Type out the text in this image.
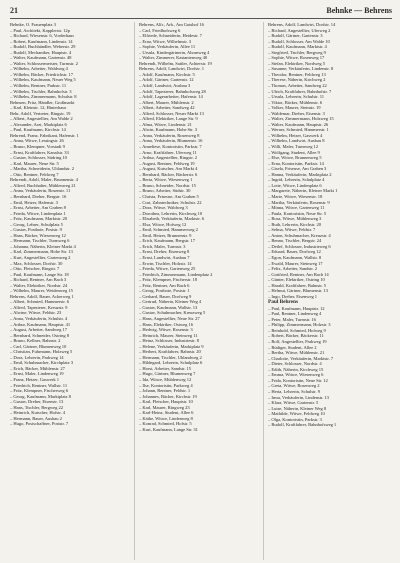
21	Behnke — Behrens
Behnke, O. Frauenplatz 3
– Paul, Architekt, Kapplerstr. 12p
– Richard, Wiesenstr. 6, Vorderhaus
– Robert, Kaufmann, Lindenstr. 14
– Rudolf, Buchhändler, Weberstr. 29
– Rudolf, Mechaniker, Hauptstr. 4
– Walter, Kaufmann, Gartenstr. 48
– Walter, Schlossermeister, Turmstr. 2
– Wilhelm, Arbeiter, Waldweg 4
– Wilhelm, Bäcker, Friedrichstr. 17
– Wilhelm, Kaufmann, Neuer Weg 5
– Wilhelm, Rentner, Parkstr. 11
– Wilhelm, Tischler, Bahnhofstr. 3
– Wilhelm, Zimmermann, Schulstr. 8
Behnsen, Fritz, Händler, Großmarkt
– Karl, Kleinstr. 12, Hinterhaus
Behr, Adolf, Vertreter, Ringstr. 19
– Albert, Angestellter, Am Walde 2
– Alexander, Arzt, Marktplatz 6
– Paul, Kaufmann, Kirchstr. 14
Behrend, Franz, Fabrikant, Hafenstr. 1
– Anna, Witwe, Lessingstr. 26
– Bruno, Klempner, Vorstadt 9
– Ernst, Kraftfahrer, Kanalstr. 33
– Gustav, Schlosser, Südring 10
– Karl, Maurer, Neue Str. 5
– Martha, Schneiderin, Uhlandstr. 2
– Otto, Rentner, Feldweg 7
Behrendt, Adolf, Maler, Brunnenstr. 4
– Alfred, Buchhalter, Mühlenweg 21
– Anna, Verkäuferin, Rosenstr. 11
– Bernhard, Dreher, Bergstr. 16
– Emil, Heizer, Hafenstr. 3
– Ernst, Arbeiter, Am Graben 8
– Frieda, Witwe, Lindenplatz 1
– Fritz, Kaufmann, Marktstr. 20
– Georg, Lehrer, Schulplatz 5
– Gustav, Postbote, Poststr. 9
– Hans, Bäcker, Wiesenweg 12
– Hermann, Tischler, Turmweg 6
– Johanna, Näherin, Kleiner Markt 4
– Karl, Zimmermann, Hohe Str. 13
– Kurt, Angestellter, Gartenweg 2
– Max, Schlosser, Dorfstr. 30
– Otto, Fleischer, Ringstr. 7
– Paul, Kaufmann, Lange Str. 18
– Richard, Rentner, Am Bach 3
– Walter, Elektriker, Nordstr. 24
– Wilhelm, Maurer, Weidenweg 15
Behrens, Adolf, Bauer, Ackerweg 1
– Albert, Schmied, Hammerstr. 6
– Alfred, Tapezierer, Kreuzstr. 9
– Alwine, Witwe, Feldstr. 23
– Anna, Verkäuferin, Schulstr. 4
– Arthur, Kaufmann, Hauptstr. 41
– August, Arbeiter, Sandweg 17
– Bernhard, Schneider, Ostring 8
– Bruno, Kellner, Bahnstr. 2
– Carl, Gärtner, Blumenweg 10
– Christian, Fuhrmann, Holzweg 5
– Dora, Lehrerin, Parkweg 14
– Emil, Schuhmacher, Kirchplatz 3
– Erich, Bäcker, Mühlenstr. 27
– Ernst, Maler, Lindenweg 19
– Franz, Heizer, Gaswerk 1
– Friedrich, Rentner, Wallstr. 11
– Fritz, Klempner, Fischerweg 6
– Georg, Kaufmann, Marktplatz 8
– Gustav, Dreher, Eisenstr. 13
– Hans, Tischler, Bergweg 22
– Heinrich, Kutscher, Hofstr. 4
– Hermann, Bauer, Ausbau 2
– Hugo, Postschaffner, Poststr. 7
Behrens, Alfr., Arb., Am Gutshof 16
– Carl, Friedhofsweg 6
– Elfriede, Schneiderin, Heidestr. 7
– Erna, Witwe, Wilhelmstr. 3
– Sophie, Verkäuferin, Allee 11
– Ursula, Kindergärtnerin, Ahornweg 4
– Walter, Zimmerer, Kastanienweg 40
Behrendt, Wilhelm, Sattler, Achterstr. 19
Behrens, Adolf, Landwirt, Dorfstr. 1
– Adolf, Kaufmann, Kirchstr. 5
– Adolf, Gärtner, Gartenstr. 12
– Adolf, Landwirt, Ausbau 3
– Adolf, Tapezierer, Bahnhofsweg 28
– Adolf, Lagerarbeiter, Hafenstr. 14
– Albert, Maurer, Mühlenstr. 2
– Albert, Arbeiter, Sandweg 42
– Alfred, Schlosser, Neuer Markt 13
– Alfred, Elektriker, Lange Str. 9
– Alma, Witwe, Lindenstr. 21
– Alwin, Kaufmann, Hohe Str. 3
– Anna, Verkäuferin, Rosenweg 8
– Anna, Verkäuferin, Blumenstr. 16
– Anneliese, Kontoristin, Parkstr. 7
– Arno, Kraftfahrer, Uferweg 11
– Arthur, Angestellter, Ringstr. 2
– August, Rentner, Feldweg 19
– August, Kutscher, Am Markt 4
– Bernhard, Bäcker, Bäckerstr. 6
– Berta, Witwe, Wiesenweg 1
– Bruno, Schneider, Nordstr. 15
– Bruno, Arbeiter, Südstr. 30
– Christa, Friseuse, Am Graben 5
– Curt, Zahntechniker, Schulstr. 22
– Dora, Witwe, Waldweg 3
– Dorothea, Lehrerin, Kirchweg 10
– Elisabeth, Verkäuferin, Marktstr. 6
– Elsa, Witwe, Hofweg 12
– Emil, Schmied, Hammerweg 2
– Emil, Heizer, Brunnenstr. 9
– Erich, Kaufmann, Bergstr. 17
– Erich, Maler, Turmstr. 3
– Ernst, Dreher, Eisenweg 8
– Ernst, Landwirt, Ausbau 7
– Erwin, Tischler, Holzstr. 14
– Frieda, Witwe, Gartenweg 25
– Friedrich, Zimmermann, Lindenplatz 2
– Fritz, Klempner, Fischerstr. 18
– Fritz, Rentner, Am Bach 6
– Georg, Postbote, Poststr. 1
– Gerhard, Bauer, Dorfweg 9
– Gertrud, Näherin, Kleiner Weg 4
– Gustav, Kaufmann, Wallstr. 13
– Gustav, Schuhmacher, Kreuzweg 5
– Hans, Angestellter, Neue Str. 27
– Hans, Elektriker, Ostweg 16
– Hedwig, Witwe, Rosenstr. 3
– Heinrich, Maurer, Steinweg 11
– Heinz, Schlosser, Industriestr. 8
– Helene, Verkäuferin, Marktplatz 9
– Herbert, Kraftfahrer, Bahnstr. 20
– Hermann, Tischler, Uhlandweg 2
– Hildegard, Lehrerin, Schulplatz 6
– Horst, Arbeiter, Sandstr. 15
– Hugo, Gärtner, Blumenweg 7
– Ida, Witwe, Mühlenweg 12
– Ilse, Kontoristin, Parkweg 4
– Johann, Rentner, Feldstr. 1
– Johannes, Bäcker, Kirchstr. 19
– Karl, Fleischer, Hauptstr. 10
– Karl, Maurer, Ringweg 23
– Karl-Heinz, Student, Allee 6
– Käthe, Witwe, Lindenweg 8
– Konrad, Schmied, Hofstr. 5
– Kurt, Kaufmann, Lange Str. 31
Behrens, Adolf, Landwirt, Dorfstr. 14
– Richard, Angestellter, Uferweg 2
– Rudolf, Gärtner, Gartenstr. 3
– Rudolf, Schlosser, Am Walde 10
– Rudolf, Kaufmann, Marktstr. 4
– Siegfried, Tischler, Bergweg 9
– Sophie, Witwe, Rosenweg 17
– Stefan, Elektriker, Nordweg 5
– Susanne, Verkäuferin, Lindenstr. 8
– Theodor, Rentner, Feldweg 13
– Therese, Näherin, Kirchweg 2
– Thomas, Arbeiter, Sandweg 22
– Ulrich, Kraftfahrer, Bahnhofstr. 7
– Ursula, Lehrerin, Schulstr. 11
– Viktor, Bäcker, Mühlenstr. 6
– Volker, Maurer, Steinstr. 19
– Waldemar, Dreher, Eisenstr. 3
– Walter, Zimmermann, Holzweg 15
– Walter, Kaufmann, Hauptstr. 26
– Werner, Schmied, Hammerstr. 1
– Wilhelm, Heizer, Gaswerk 4
– Wilhelm, Landwirt, Ausbau 8
– Willi, Maler, Turmweg 12
– Wolfgang, Student, Allee 9
– Else, Witwe, Brunnenweg 5
– Erna, Kontoristin, Parkstr. 14
– Gisela, Friseuse, Am Graben 3
– Hanna, Verkäuferin, Marktplatz 2
– Ingrid, Lehrerin, Schulplatz 4
– Lotte, Witwe, Lindenplatz 6
– Margarete, Näherin, Kleiner Markt 1
– Marie, Witwe, Wiesenstr. 18
– Martha, Verkäuferin, Rosenstr. 9
– Minna, Witwe, Gartenweg 11
– Paula, Kontoristin, Neue Str. 5
– Rosa, Witwe, Mühlenweg 3
– Ruth, Lehrerin, Kirchstr. 20
– Selma, Witwe, Feldstr. 7
– Anton, Schuhmacher, Kreuzstr. 4
– Benno, Tischler, Bergstr. 24
– Detlef, Schlosser, Industrieweg 6
– Eduard, Bauer, Dorfweg 12
– Egon, Kaufmann, Wallstr. 8
– Ewald, Maurer, Steinweg 17
– Felix, Arbeiter, Sandstr. 2
– Gottfried, Rentner, Am Bach 14
– Günter, Elektriker, Ostring 10
– Harald, Kraftfahrer, Bahnstr. 5
– Helmut, Gärtner, Blumenstr. 13
– Ingo, Dreher, Eisenweg 1
Paul Behrens
– Paul, Kaufmann, Hauptstr. 12
– Paul, Rentner, Lindenweg 4
– Peter, Maler, Turmstr. 16
– Philipp, Zimmermann, Holzstr. 3
– Reinhold, Schmied, Hofweg 9
– Robert, Bäcker, Bäckerstr. 11
– Rolf, Angestellter, Parkweg 19
– Rüdiger, Student, Allee 2
– Bertha, Witwe, Mühlenstr. 21
– Charlotte, Verkäuferin, Marktstr. 7
– Dieter, Schlosser, Nordstr. 4
– Edith, Näherin, Kirchweg 15
– Emma, Witwe, Wiesenweg 6
– Frida, Kontoristin, Neue Str. 12
– Greta, Witwe, Rosenweg 2
– Herta, Lehrerin, Schulstr. 9
– Irma, Verkäuferin, Lindenstr. 13
– Klara, Witwe, Gartenstr. 5
– Luise, Näherin, Kleiner Weg 8
– Mathilde, Witwe, Feldweg 10
– Olga, Kontoristin, Parkstr. 3
– Rudolf, Kraftfahrer, Bahnhofsweg 1
